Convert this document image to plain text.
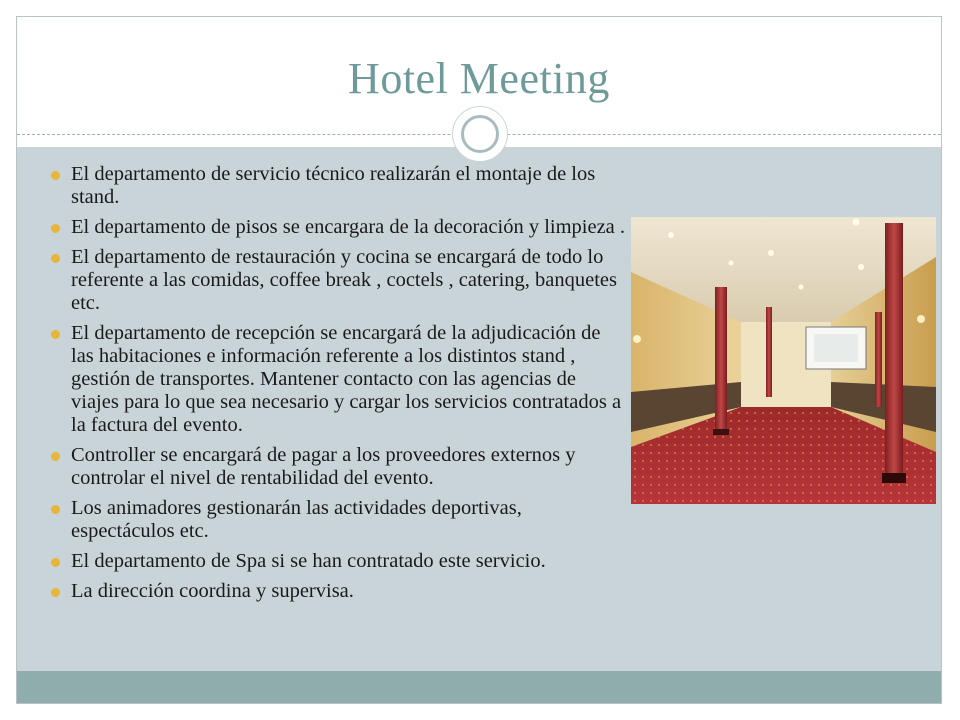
Hotel Meeting
El departamento de servicio técnico realizarán el montaje de los stand.
El departamento de pisos se encargara de la decoración y limpieza .
El departamento de restauración y cocina se encargará de todo lo referente a las comidas, coffee break , coctels , catering, banquetes etc.
El departamento de recepción se encargará de la adjudicación de las habitaciones e información referente a los distintos stand , gestión de transportes. Mantener contacto con las agencias de viajes para lo que sea necesario y cargar los servicios contratados a la factura del evento.
Controller se encargará de pagar a los proveedores externos y controlar el nivel de rentabilidad del evento.
Los animadores gestionarán las actividades deportivas, espectáculos etc.
El departamento de Spa si se han contratado este servicio.
La dirección coordina y supervisa.
